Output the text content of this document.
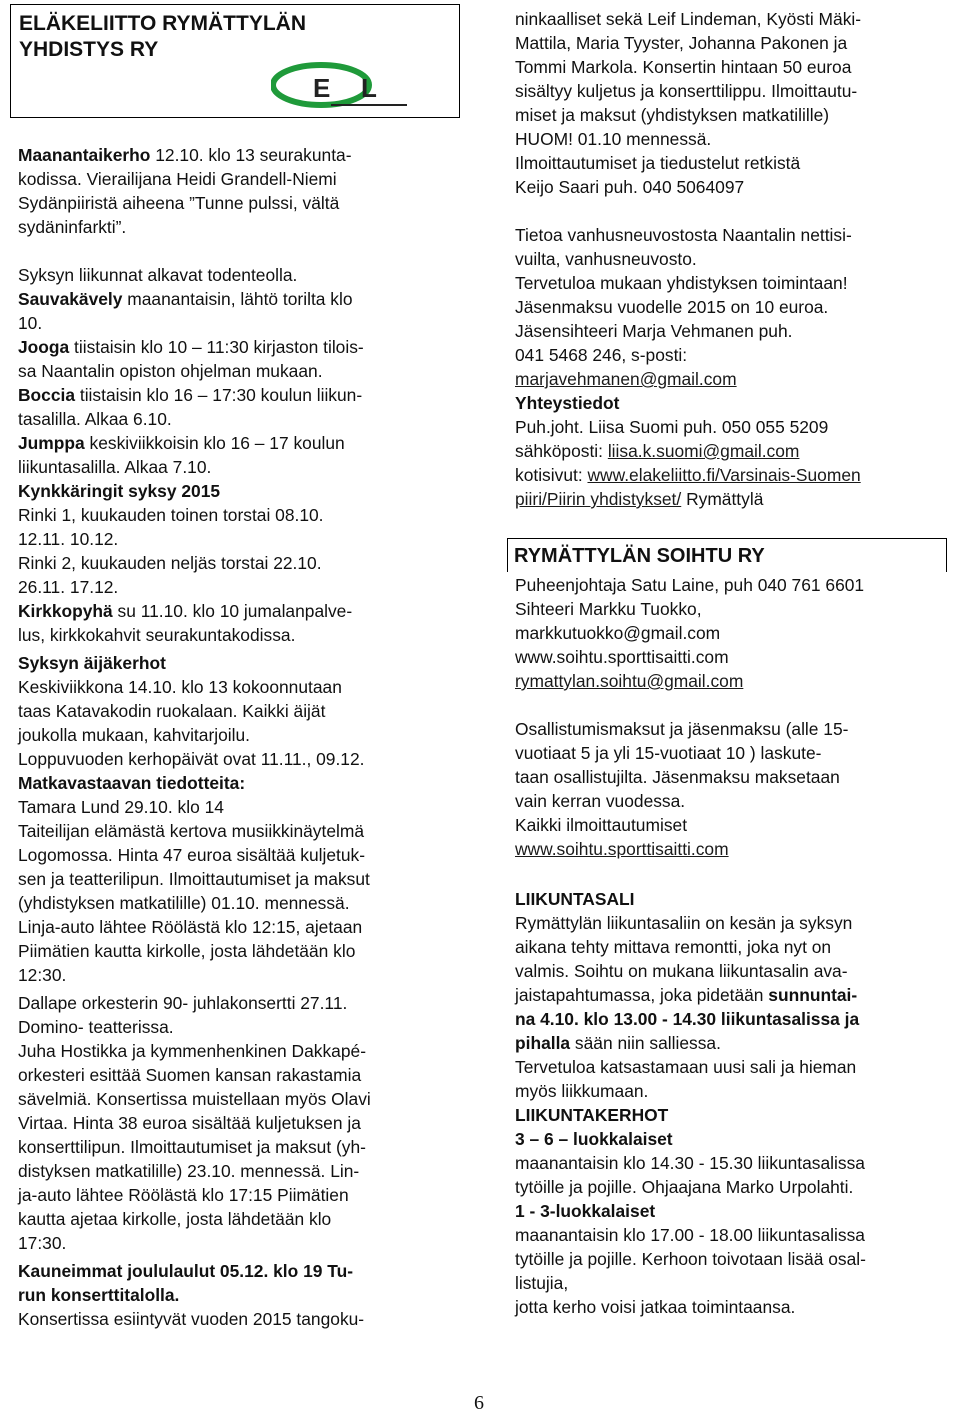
ELÄKELIITTO RYMÄTTYLÄN
YHDISTYS RY
E L
Maanantaikerho 12.10. klo 13 seurakunta-
kodissa. Vierailijana Heidi Grandell-Niemi
Sydänpiiristä aiheena ”Tunne pulssi, vältä
sydäninfarkti”.
Syksyn liikunnat alkavat todenteolla.
Sauvakävely maanantaisin, lähtö torilta klo
10.
Jooga tiistaisin klo 10 – 11:30 kirjaston tilois-
sa Naantalin opiston ohjelman mukaan.
Boccia tiistaisin klo 16 – 17:30 koulun liikun-
tasalilla. Alkaa 6.10.
Jumppa keskiviikkoisin klo 16 – 17 koulun
liikuntasalilla. Alkaa 7.10.
Kynkkäringit syksy 2015
Rinki 1, kuukauden toinen torstai 08.10.
12.11. 10.12.
Rinki 2, kuukauden neljäs torstai 22.10.
26.11. 17.12.
Kirkkopyhä su 11.10. klo 10 jumalanpalve-
lus, kirkkokahvit seurakuntakodissa.
Syksyn äijäkerhot
Keskiviikkona 14.10. klo 13 kokoonnutaan
taas Katavakodin ruokalaan. Kaikki äijät
joukolla mukaan, kahvitarjoilu.
Loppuvuoden kerhopäivät ovat 11.11., 09.12.
Matkavastaavan tiedotteita:
Tamara Lund 29.10. klo 14
Taiteilijan elämästä kertova musiikkinäytelmä
Logomossa. Hinta 47 euroa sisältää kuljetuk-
sen ja teatterilipun. Ilmoittautumiset ja maksut
(yhdistyksen matkatilille) 01.10. mennessä.
Linja-auto lähtee Röölästä klo 12:15, ajetaan
Piimätien kautta kirkolle, josta lähdetään klo
12:30.
Dallape orkesterin 90- juhlakonsertti 27.11.
Domino- teatterissa.
Juha Hostikka ja kymmenhenkinen Dakkapé-
orkesteri esittää Suomen kansan rakastamia
sävelmiä. Konsertissa muistellaan myös Olavi
Virtaa. Hinta 38 euroa sisältää kuljetuksen ja
konserttilipun. Ilmoittautumiset ja maksut (yh-
distyksen matkatilille) 23.10. mennessä. Lin-
ja-auto lähtee Röölästä klo 17:15 Piimätien
kautta ajetaa kirkolle, josta lähdetään klo
17:30.
Kauneimmat joululaulut 05.12. klo 19 Tu-
run konserttitalolla.
Konsertissa esiintyvät vuoden 2015 tangoku-
RYMÄTTYLÄN SOIHTU RY
ninkaalliset sekä Leif Lindeman, Kyösti Mäki-
Mattila, Maria Tyyster, Johanna Pakonen ja
Tommi Markola. Konsertin hintaan 50 euroa
sisältyy kuljetus ja konserttilippu. Ilmoittautu-
miset ja maksut (yhdistyksen matkatilille)
HUOM! 01.10 mennessä.
Ilmoittautumiset ja tiedustelut retkistä
Keijo Saari puh. 040 5064097
Tietoa vanhusneuvostosta Naantalin nettisi-
vuilta, vanhusneuvosto.
Tervetuloa mukaan yhdistyksen toimintaan!
Jäsenmaksu vuodelle 2015 on 10 euroa.
Jäsensihteeri Marja Vehmanen puh.
041 5468 246, s-posti:
marjavehmanen@gmail.com
Yhteystiedot
Puh.joht. Liisa Suomi puh. 050 055 5209
sähköposti: liisa.k.suomi@gmail.com
kotisivut: www.elakeliitto.fi/Varsinais-Suomen
piiri/Piirin yhdistykset/ Rymättylä
Puheenjohtaja Satu Laine, puh 040 761 6601
Sihteeri Markku Tuokko,
markkutuokko@gmail.com
www.soihtu.sporttisaitti.com
rymattylan.soihtu@gmail.com
Osallistumismaksut ja jäsenmaksu (alle 15-
vuotiaat 5 ja yli 15-vuotiaat 10 ) laskute-
taan osallistujilta. Jäsenmaksu maksetaan
vain kerran vuodessa.
Kaikki ilmoittautumiset
www.soihtu.sporttisaitti.com
LIIKUNTASALI
Rymättylän liikuntasaliin on kesän ja syksyn
aikana tehty mittava remontti, joka nyt on
valmis. Soihtu on mukana liikuntasalin ava-
jaistapahtumassa, joka pidetään sunnuntai-
na 4.10. klo 13.00 - 14.30 liikuntasalissa ja
pihalla sään niin salliessa.
Tervetuloa katsastamaan uusi sali ja hieman
myös liikkumaan.
LIIKUNTAKERHOT
3 – 6 – luokkalaiset
maanantaisin klo 14.30 - 15.30 liikuntasalissa
tytöille ja pojille. Ohjaajana Marko Urpolahti.
1 - 3-luokkalaiset
maanantaisin klo 17.00 - 18.00 liikuntasalissa
tytöille ja pojille. Kerhoon toivotaan lisää osal-
listujia,
jotta kerho voisi jatkaa toimintaansa.
6
